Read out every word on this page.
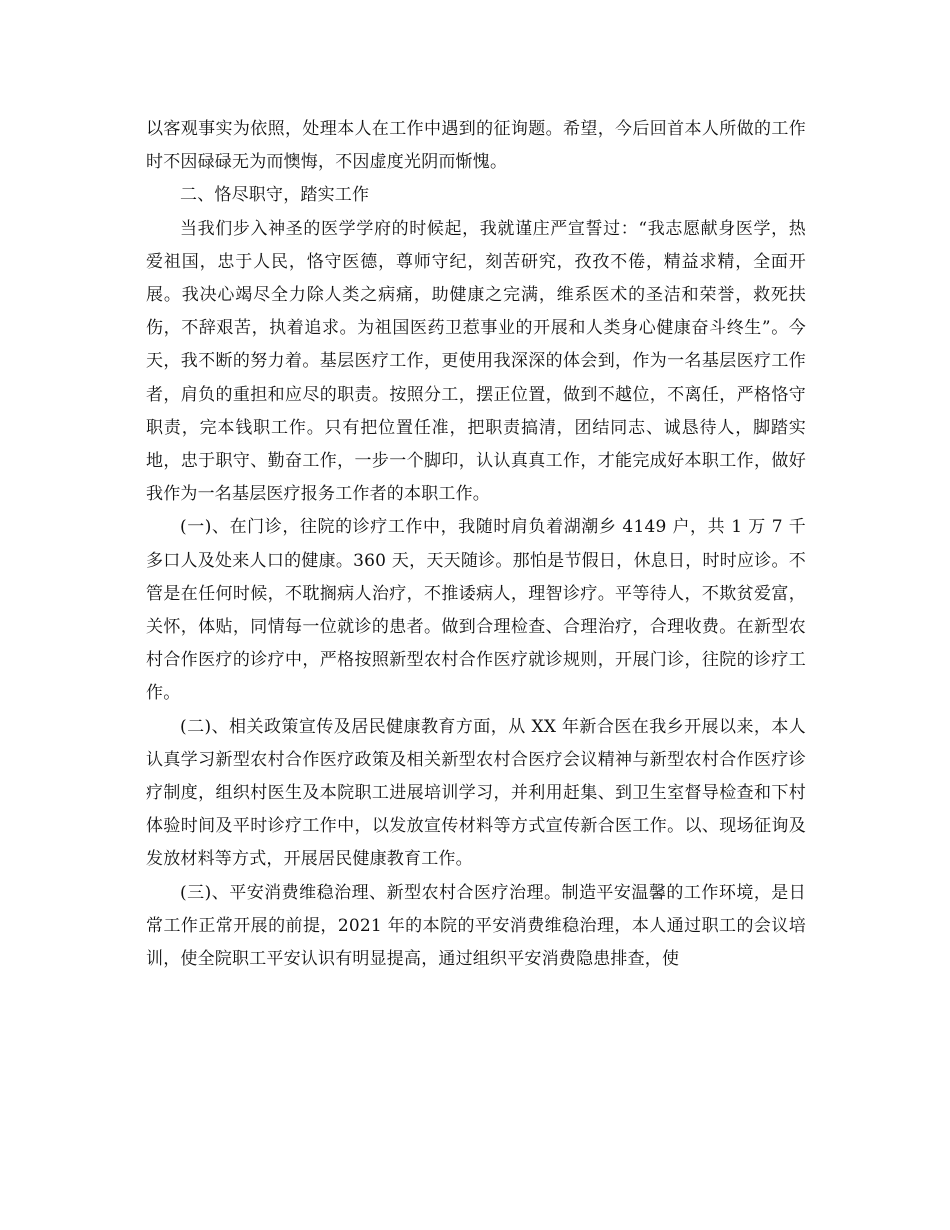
以客观事实为依照，处理本人在工作中遇到的征询题。希望，今后回首本人所做的工作时不因碌碌无为而懊悔，不因虚度光阴而惭愧。

二、恪尽职守，踏实工作

当我们步入神圣的医学学府的时候起，我就谨庄严宣誓过：“我志愿献身医学，热爱祖国，忠于人民，恪守医德，尊师守纪，刻苦研究，孜孜不倦，精益求精，全面开展。我决心竭尽全力除人类之病痛，助健康之完满，维系医术的圣洁和荣誉，救死扶伤，不辞艰苦，执着追求。为祖国医药卫惹事业的开展和人类身心健康奋斗终生”。今天，我不断的努力着。基层医疗工作，更使用我深深的体会到，作为一名基层医疗工作者，肩负的重担和应尽的职责。按照分工，摆正位置，做到不越位，不离任，严格恪守职责，完本钱职工作。只有把位置任准，把职责搞清，团结同志、诚恳待人，脚踏实地，忠于职守、勤奋工作，一步一个脚印，认认真真工作，才能完成好本职工作，做好我作为一名基层医疗报务工作者的本职工作。

(一)、在门诊，往院的诊疗工作中，我随时肩负着湖潮乡 4149 户，共 1 万 7 千多口人及处来人口的健康。360 天，天天随诊。那怕是节假日，休息日，时时应诊。不管是在任何时候，不耽搁病人治疗，不推诿病人，理智诊疗。平等待人，不欺贫爱富，关怀，体贴，同情每一位就诊的患者。做到合理检查、合理治疗，合理收费。在新型农村合作医疗的诊疗中，严格按照新型农村合作医疗就诊规则，开展门诊，往院的诊疗工作。

(二)、相关政策宣传及居民健康教育方面，从 XX 年新合医在我乡开展以来，本人认真学习新型农村合作医疗政策及相关新型农村合医疗会议精神与新型农村合作医疗诊疗制度，组织村医生及本院职工进展培训学习，并利用赶集、到卫生室督导检查和下村体验时间及平时诊疗工作中，以发放宣传材料等方式宣传新合医工作。以、现场征询及发放材料等方式，开展居民健康教育工作。

(三)、平安消费维稳治理、新型农村合医疗治理。制造平安温馨的工作环境，是日常工作正常开展的前提，2021 年的本院的平安消费维稳治理，本人通过职工的会议培训，使全院职工平安认识有明显提高，通过组织平安消费隐患排查，使
